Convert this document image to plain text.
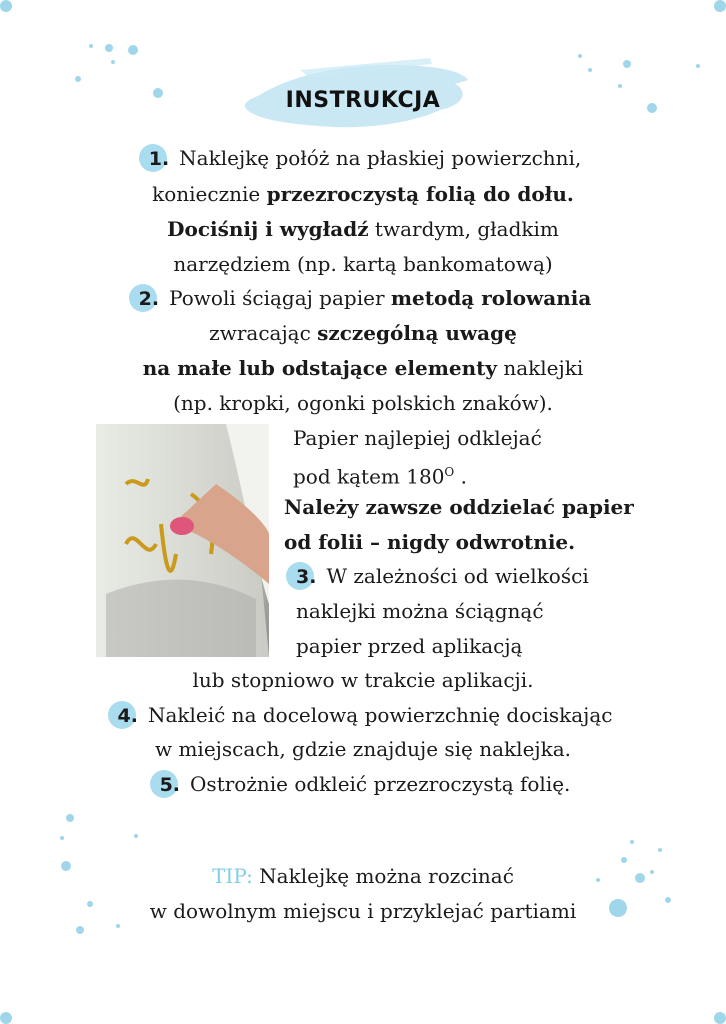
INSTRUKCJA
1. Naklejkę połóż na płaskiej powierzchni,
koniecznie przezroczystą folią do dołu.
Dociśnij i wygładź twardym, gładkim
narzędziem (np. kartą bankomatową)
2. Powoli ściągaj papier metodą rolowania
zwracając szczególną uwagę
na małe lub odstające elementy naklejki
(np. kropki, ogonki polskich znaków).
Papier najlepiej odklejać
pod kątem $180^O$ .
Należy zawsze oddzielać papier
od folii – nigdy odwrotnie.
3. W zależności od wielkości
naklejki można ściągnąć
papier przed aplikacją
lub stopniowo w trakcie aplikacji.
4. Nakleić na docelową powierzchnię dociskając
w miejscach, gdzie znajduje się naklejka.
5. Ostrożnie odkleić przezroczystą folię.
TIP: Naklejkę można rozcinać
w dowolnym miejscu i przyklejać partiami
